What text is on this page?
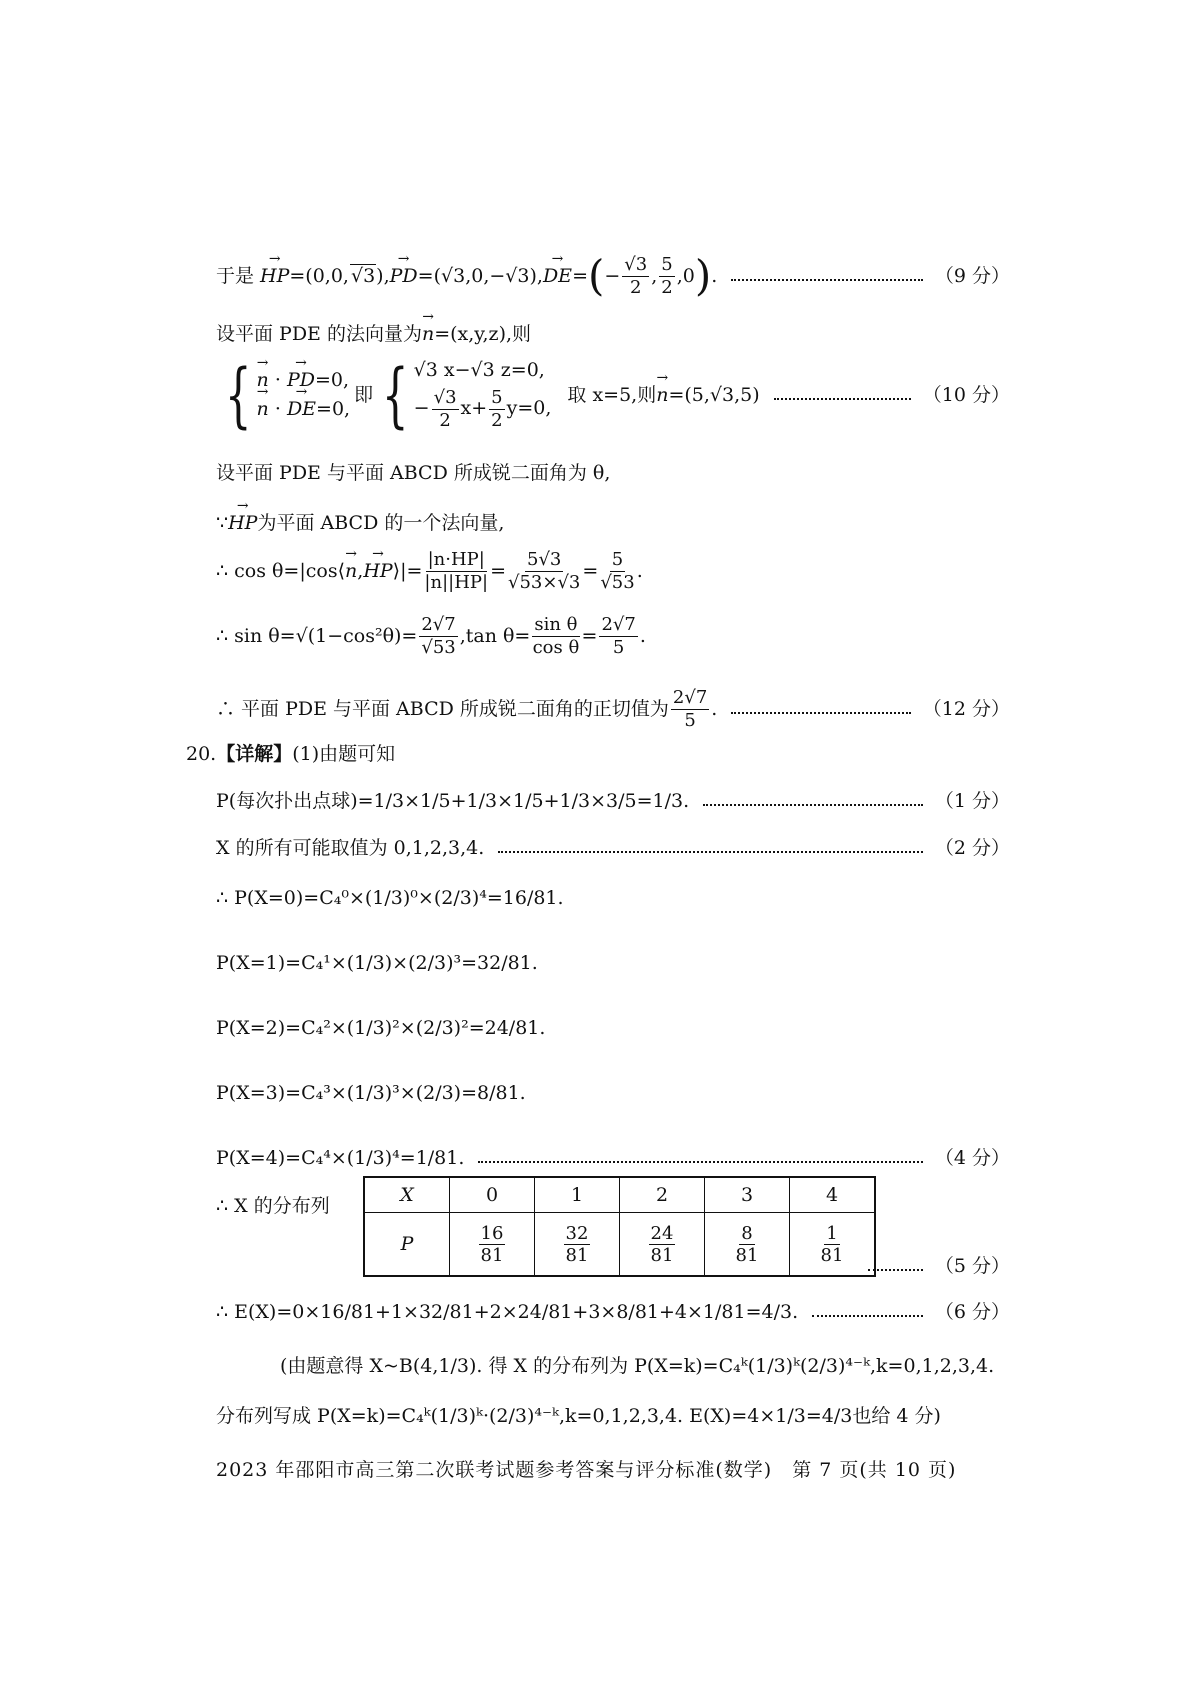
于是 → HP =(0,0, √3 ), → PD =( √3 ,0,− √3 ), → DE = ( − $\frac{√3}{2}$ , $\frac{5}{2} ,0$ ) .	（9 分）
设平面 PDE 的法向量为 → n =(x,y,z),则
{ → n · → PD=0,
→ n · → DE=0,
即 { √3 x−√3 z=0,
− $\frac{√3}{2} x+ \frac{5}{2} y=0$,
取 x=5,则 → n =(5,√3,5)	（10 分）
设平面 PDE 与平面 ABCD 所成锐二面角为 θ,
∵ → HP 为平面 ABCD 的一个法向量,
∴ cos θ=|cos⟨ → n , → HP ⟩|= $\frac{|n\cdot HP|}{|n||HP|} = \frac{5√3}{√53\times√3} = \frac{5}{√53}$ .
∴ $\sin \theta=√(1-\cos^2\theta)= \frac{2√7}{√53} ,\tan$ $\theta= \frac{\text{sin θ}}{\text{cos θ}} = \frac{2√7}{5}$ .
∴ 平面 PDE 与平面 ABCD 所成锐二面角的正切值为 $\frac{2√7}{5}$ .	（12 分）
20. 【详解】 (1)由题可知
P(每次扑出点球)= 1/3×1/5+1/3×1/5+1/3×3/5=1/3.	（1 分）
X 的所有可能取值为 0,1,2,3,4.	（2 分）
∴ P(X=0)=C₄⁰×(1/3)⁰×(2/3)⁴=16/81.
P(X=1)=C₄¹×(1/3)×(2/3)³=32/81.
P(X=2)=C₄²×(1/3)²×(2/3)²=24/81.
P(X=3)=C₄³×(1/3)³×(2/3)=8/81.
P(X=4)=C₄⁴×(1/3)⁴=1/81.	（4 分）
∴ X 的分布列	X	0	1	2	3	4
P	$\frac{16}{81}$	$\frac{32}{81}$	$\frac{24}{81}$	$\frac{8}{81}$	$\frac{1}{81}$
（5 分）
∴ E(X)=0×16/81+1×32/81+2×24/81+3×8/81+4×1/81=4/3.	（6 分）
(由题意得 X~B(4,1/3). 得 X 的分布列为 P(X=k)=C₄ᵏ(1/3)ᵏ(2/3)⁴⁻ᵏ,k=0,1,2,3,4.
分布列写成 P(X=k)=C₄ᵏ(1/3)ᵏ·(2/3)⁴⁻ᵏ,k=0,1,2,3,4. E(X)=4×1/3=4/3也给 4 分)
2023 年邵阳市高三第二次联考试题参考答案与评分标准(数学)　第 7 页(共 10 页)
